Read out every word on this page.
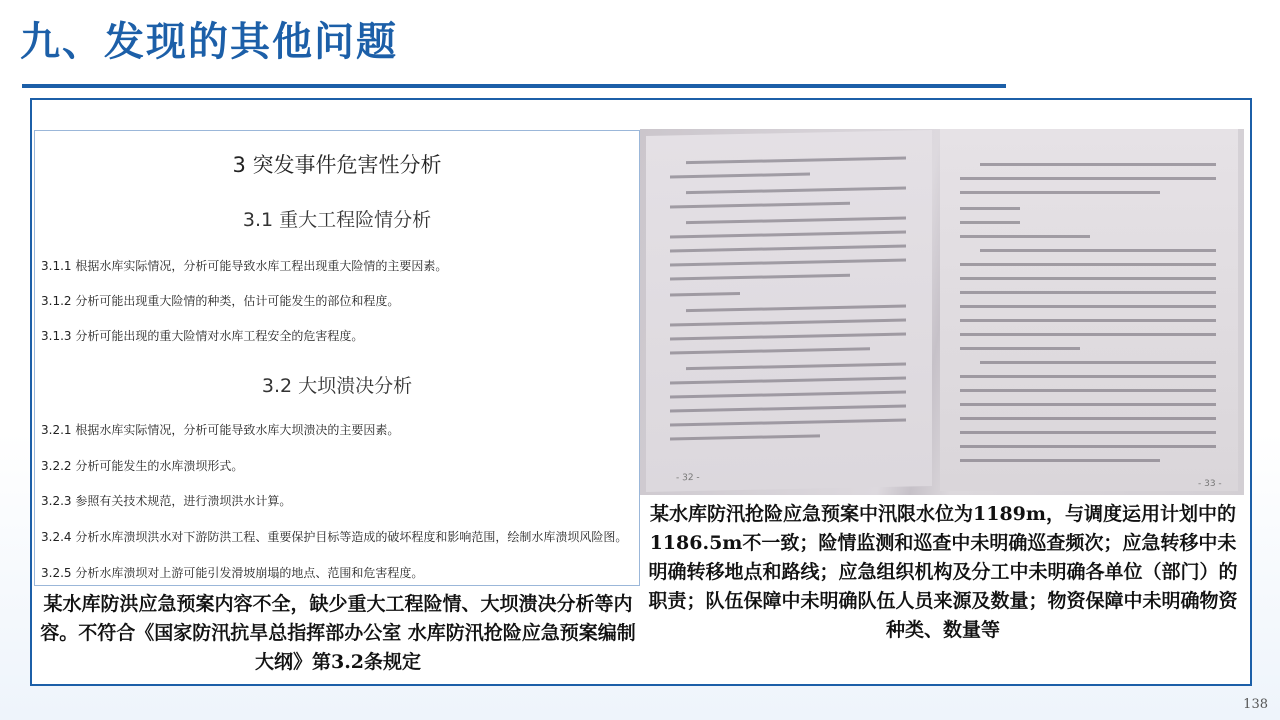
九、发现的其他问题
3 突发事件危害性分析
3.1 重大工程险情分析
3.1.1 根据水库实际情况，分析可能导致水库工程出现重大险情的主要因素。
3.1.2 分析可能出现重大险情的种类，估计可能发生的部位和程度。
3.1.3 分析可能出现的重大险情对水库工程安全的危害程度。
3.2 大坝溃决分析
3.2.1 根据水库实际情况，分析可能导致水库大坝溃决的主要因素。
3.2.2 分析可能发生的水库溃坝形式。
3.2.3 参照有关技术规范，进行溃坝洪水计算。
3.2.4 分析水库溃坝洪水对下游防洪工程、重要保护目标等造成的破坏程度和影响范围，绘制水库溃坝风险图。
3.2.5 分析水库溃坝对上游可能引发滑坡崩塌的地点、范围和危害程度。
某水库防洪应急预案内容不全，缺少重大工程险情、大坝溃决分析等内容。不符合《国家防汛抗旱总指挥部办公室 水库防汛抢险应急预案编制大纲》第3.2条规定
- 32 -
- 33 -
某水库防汛抢险应急预案中汛限水位为1189m，与调度运用计划中的1186.5m不一致；险情监测和巡查中未明确巡查频次；应急转移中未明确转移地点和路线；应急组织机构及分工中未明确各单位（部门）的职责；队伍保障中未明确队伍人员来源及数量；物资保障中未明确物资种类、数量等
138
